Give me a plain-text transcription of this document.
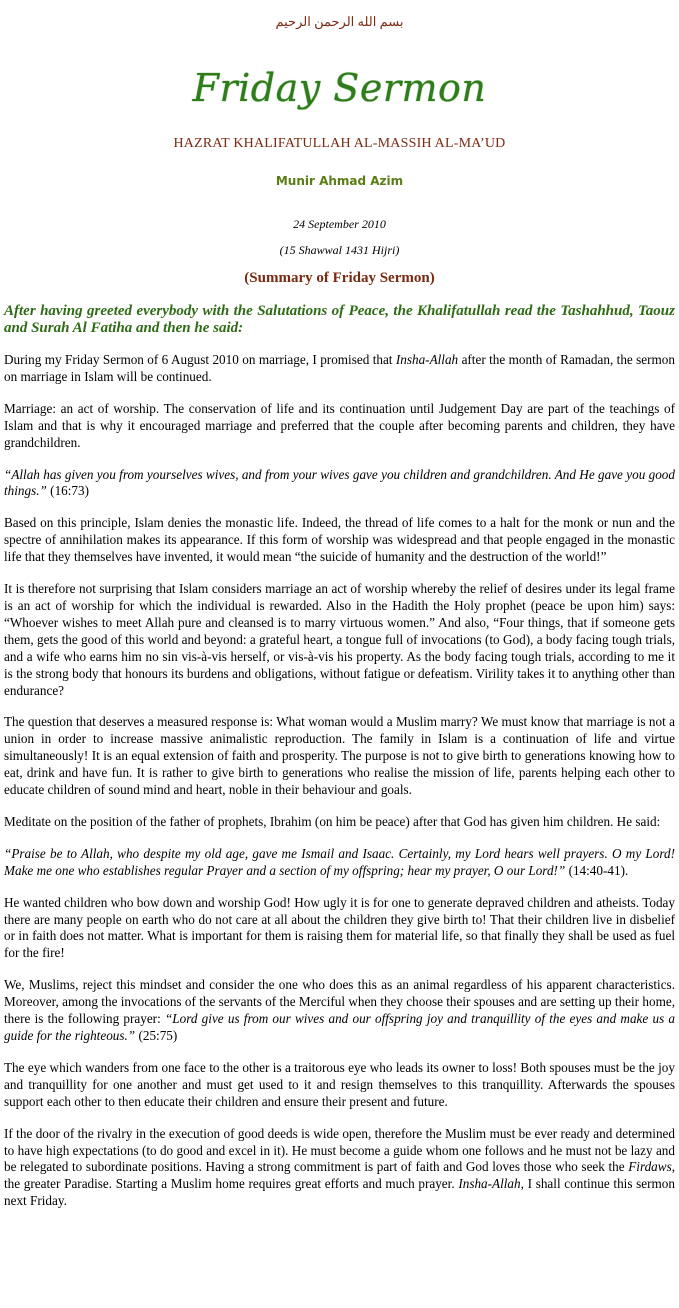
بسم الله الرحمن الرحيم

Friday Sermon

HAZRAT KHALIFATULLAH AL-MASSIH AL-MA’UD

Munir Ahmad Azim

24 September 2010

(15 Shawwal 1431 Hijri)

(Summary of Friday Sermon)

After having greeted everybody with the Salutations of Peace, the Khalifatullah read the Tashahhud, Taouz and Surah Al Fatiha and then he said:

During my Friday Sermon of 6 August 2010 on marriage, I promised that Insha-Allah after the month of Ramadan, the sermon on marriage in Islam will be continued.

Marriage: an act of worship. The conservation of life and its continuation until Judgement Day are part of the teachings of Islam and that is why it encouraged marriage and preferred that the couple after becoming parents and children, they have grandchildren.

“Allah has given you from yourselves wives, and from your wives gave you children and grandchildren. And He gave you good things.” (16:73)

Based on this principle, Islam denies the monastic life. Indeed, the thread of life comes to a halt for the monk or nun and the spectre of annihilation makes its appearance. If this form of worship was widespread and that people engaged in the monastic life that they themselves have invented, it would mean “the suicide of humanity and the destruction of the world!”

It is therefore not surprising that Islam considers marriage an act of worship whereby the relief of desires under its legal frame is an act of worship for which the individual is rewarded. Also in the Hadith the Holy prophet (peace be upon him) says: “Whoever wishes to meet Allah pure and cleansed is to marry virtuous women.” And also, “Four things, that if someone gets them, gets the good of this world and beyond: a grateful heart, a tongue full of invocations (to God), a body facing tough trials, and a wife who earns him no sin vis-à-vis herself, or vis-à-vis his property. As the body facing tough trials, according to me it is the strong body that honours its burdens and obligations, without fatigue or defeatism. Virility takes it to anything other than endurance?

The question that deserves a measured response is: What woman would a Muslim marry? We must know that marriage is not a union in order to increase massive animalistic reproduction. The family in Islam is a continuation of life and virtue simultaneously! It is an equal extension of faith and prosperity. The purpose is not to give birth to generations knowing how to eat, drink and have fun. It is rather to give birth to generations who realise the mission of life, parents helping each other to educate children of sound mind and heart, noble in their behaviour and goals.

Meditate on the position of the father of prophets, Ibrahim (on him be peace) after that God has given him children. He said:

“Praise be to Allah, who despite my old age, gave me Ismail and Isaac. Certainly, my Lord hears well prayers. O my Lord! Make me one who establishes regular Prayer and a section of my offspring; hear my prayer, O our Lord!” (14:40-41).

He wanted children who bow down and worship God! How ugly it is for one to generate depraved children and atheists. Today there are many people on earth who do not care at all about the children they give birth to! That their children live in disbelief or in faith does not matter. What is important for them is raising them for material life, so that finally they shall be used as fuel for the fire!

We, Muslims, reject this mindset and consider the one who does this as an animal regardless of his apparent characteristics. Moreover, among the invocations of the servants of the Merciful when they choose their spouses and are setting up their home, there is the following prayer: “Lord give us from our wives and our offspring joy and tranquillity of the eyes and make us a guide for the righteous.” (25:75)

The eye which wanders from one face to the other is a traitorous eye who leads its owner to loss! Both spouses must be the joy and tranquillity for one another and must get used to it and resign themselves to this tranquillity. Afterwards the spouses support each other to then educate their children and ensure their present and future.

If the door of the rivalry in the execution of good deeds is wide open, therefore the Muslim must be ever ready and determined to have high expectations (to do good and excel in it). He must become a guide whom one follows and he must not be lazy and be relegated to subordinate positions. Having a strong commitment is part of faith and God loves those who seek the Firdaws, the greater Paradise. Starting a Muslim home requires great efforts and much prayer. Insha-Allah, I shall continue this sermon next Friday.
